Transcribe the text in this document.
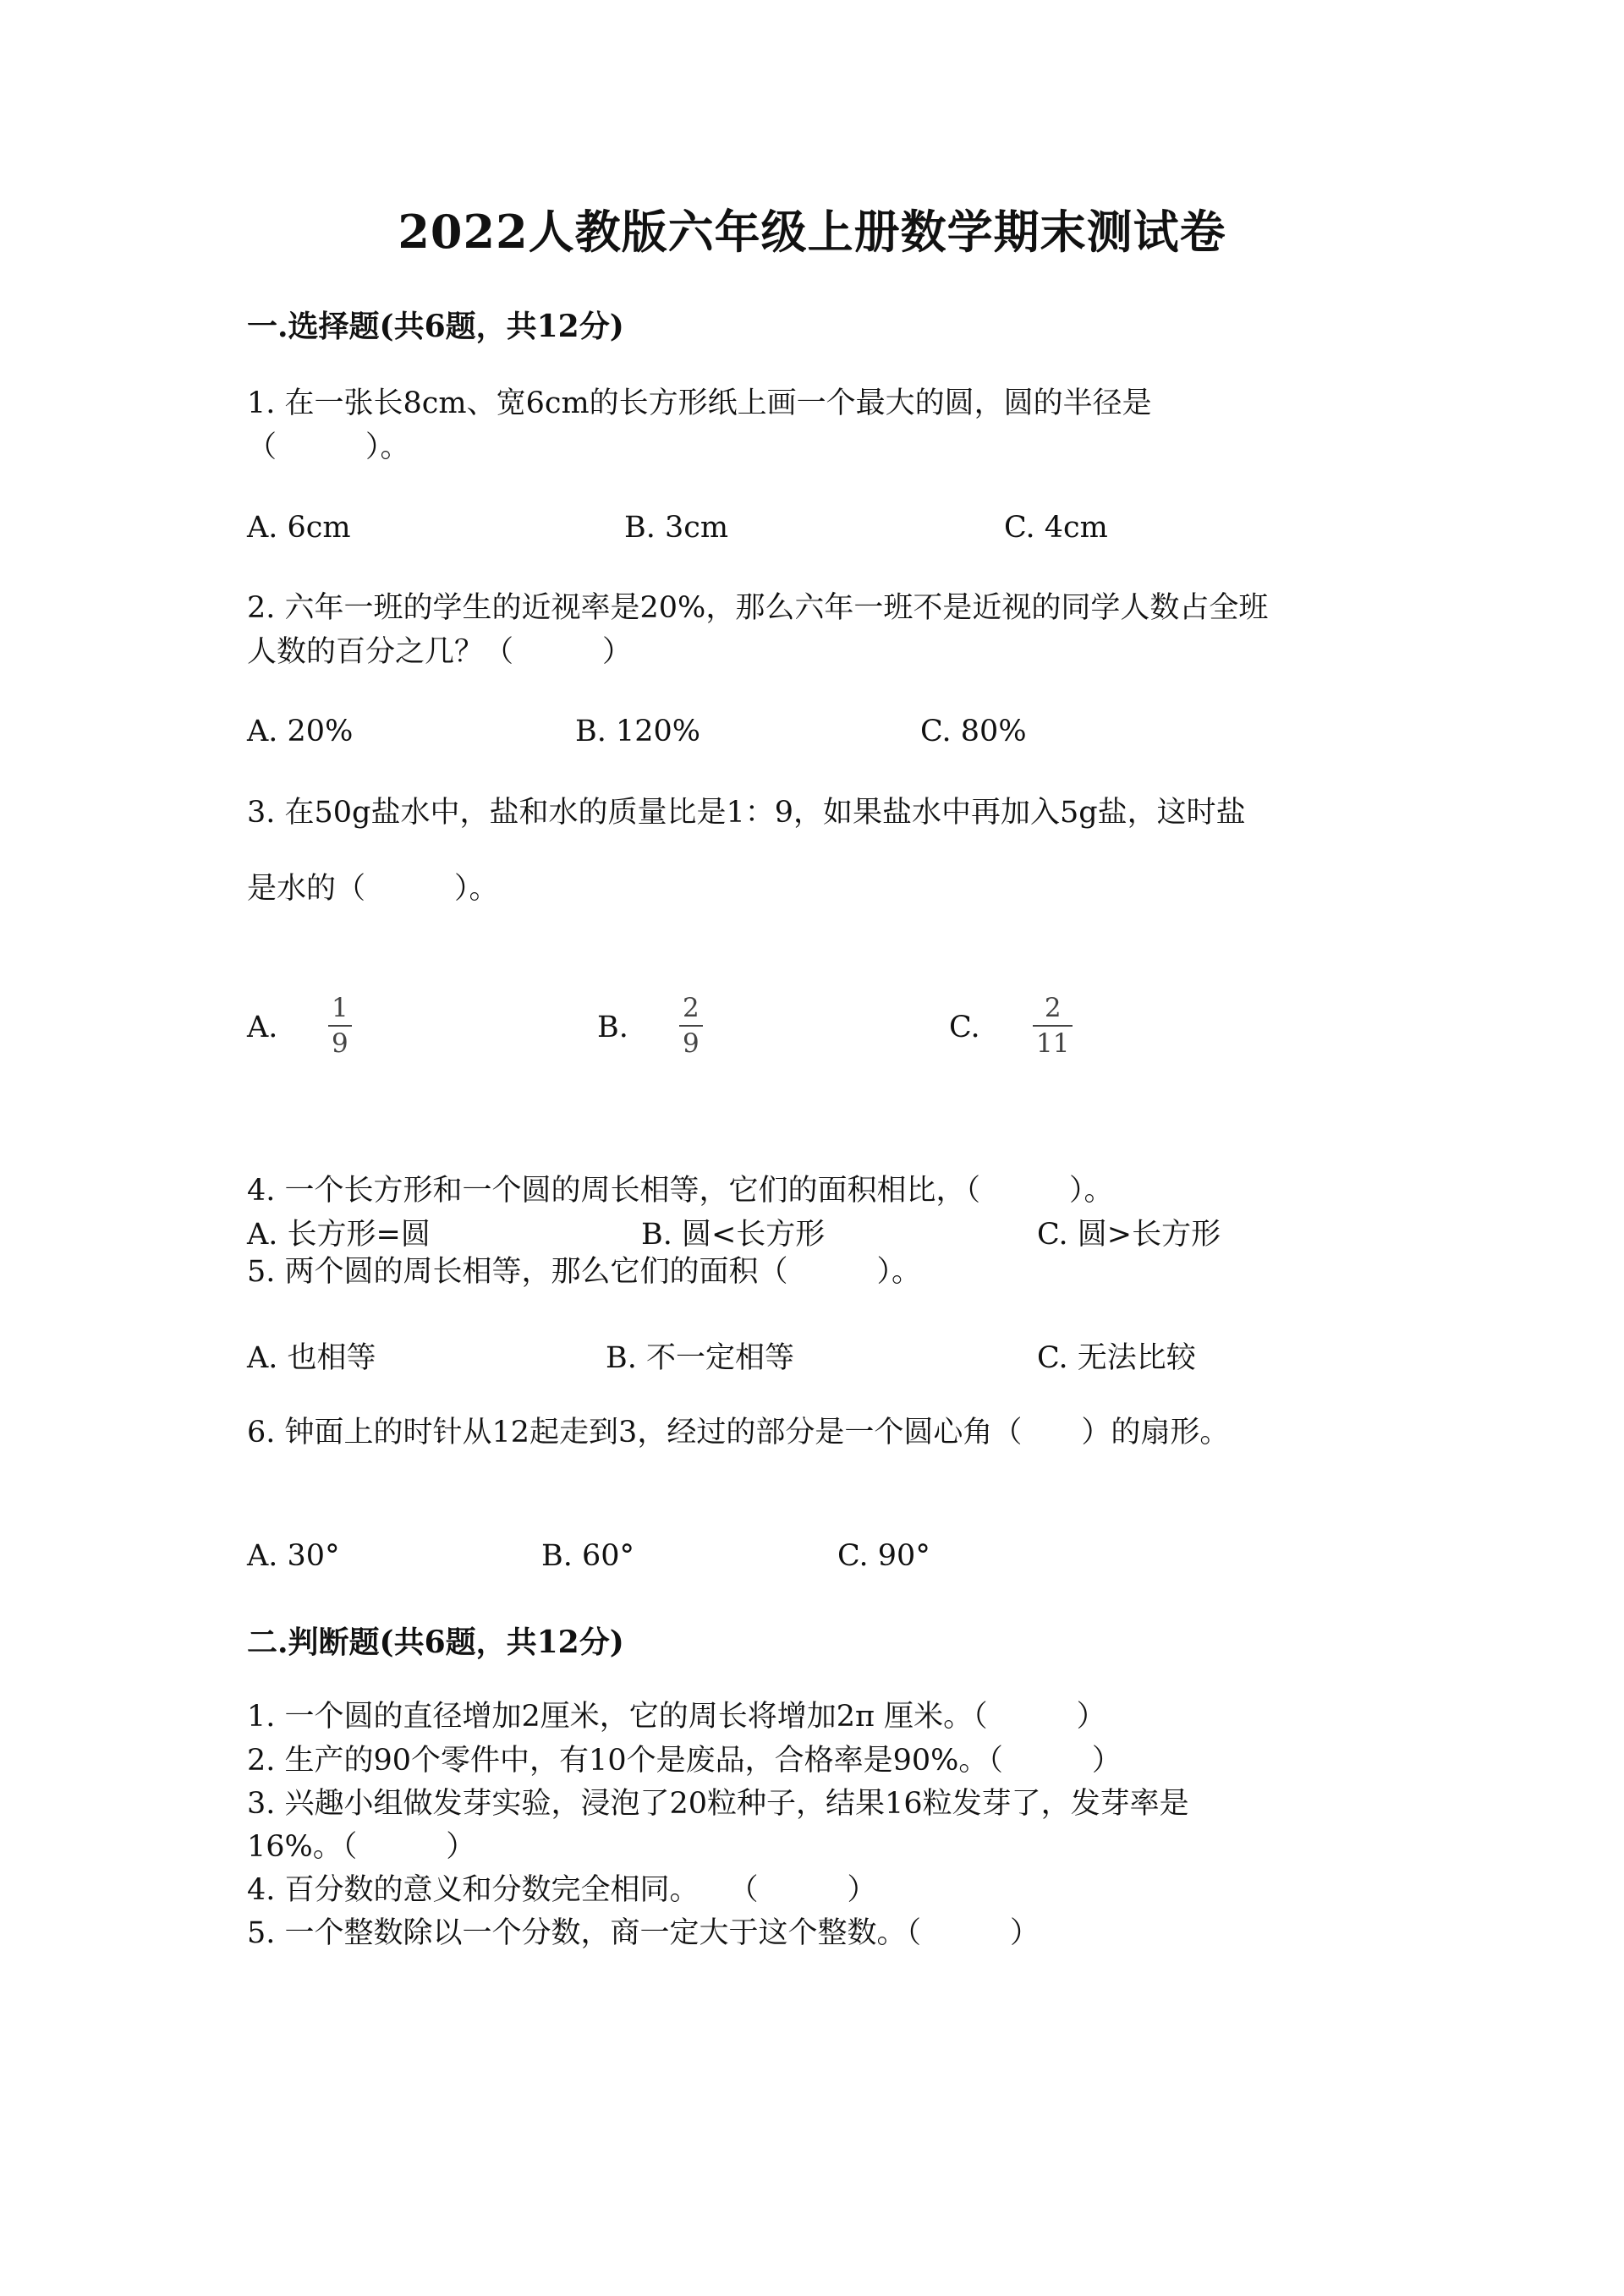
2022人教版六年级上册数学期末测试卷
一.选择题(共6题，共12分)
1. 在一张长8cm、宽6cm的长方形纸上画一个最大的圆，圆的半径是
（　　　）。
A. 6cm	B. 3cm	C. 4cm
2. 六年一班的学生的近视率是20%，那么六年一班不是近视的同学人数占全班
人数的百分之几？（　　　）
A. 20%	B. 120%	C. 80%
3. 在50g盐水中，盐和水的质量比是1：9，如果盐水中再加入5g盐，这时盐
是水的（　　　）。
A.
1
9	B.
2
9	C.
2
11
4. 一个长方形和一个圆的周长相等，它们的面积相比，（　　　）。
A. 长方形=圆	B. 圆<长方形	C. 圆>长方形
5. 两个圆的周长相等，那么它们的面积（　　　）。
A. 也相等	B. 不一定相等	C. 无法比较
6. 钟面上的时针从12起走到3，经过的部分是一个圆心角（　　）的扇形。
A. 30°	B. 60°	C. 90°
二.判断题(共6题，共12分)
1. 一个圆的直径增加2厘米，它的周长将增加2π 厘米。（　　　）
2. 生产的90个零件中，有10个是废品，合格率是90%。（　　　）
3. 兴趣小组做发芽实验，浸泡了20粒种子，结果16粒发芽了，发芽率是
16%。（　　　）
4. 百分数的意义和分数完全相同。　　（　　　）
5. 一个整数除以一个分数，商一定大于这个整数。（　　　）
